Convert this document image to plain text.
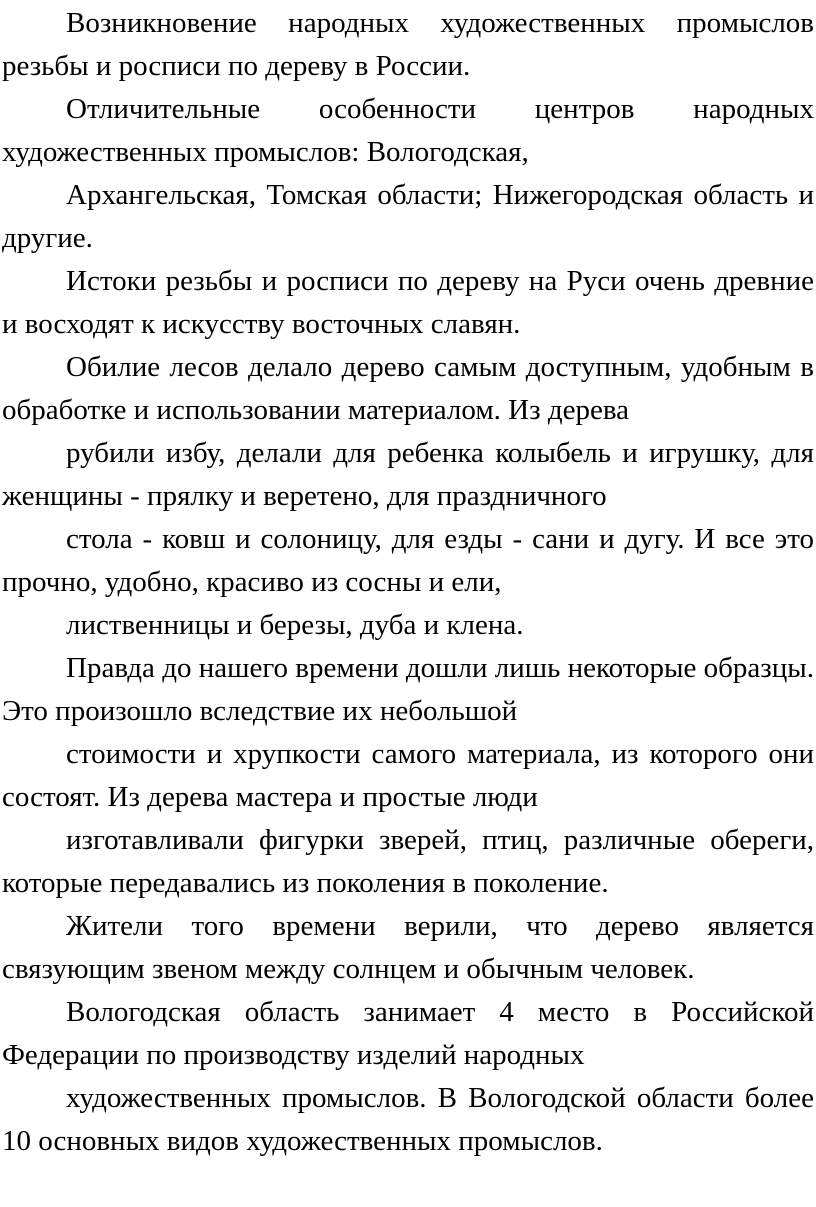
Возникновение народных художественных промыслов резьбы и росписи по дереву в России.

Отличительные особенности центров народных художественных промыслов: Вологодская,

Архангельская, Томская области; Нижегородская область и другие.

Истоки резьбы и росписи по дереву на Руси очень древние и восходят к искусству восточных славян.

Обилие лесов делало дерево самым доступным, удобным в обработке и использовании материалом. Из дерева

рубили избу, делали для ребенка колыбель и игрушку, для женщины - прялку и веретено, для праздничного

стола - ковш и солоницу, для езды - сани и дугу. И все это прочно, удобно, красиво из сосны и ели,

лиственницы и березы, дуба и клена.

Правда до нашего времени дошли лишь некоторые образцы. Это произошло вследствие их небольшой

стоимости и хрупкости самого материала, из которого они состоят. Из дерева мастера и простые люди

изготавливали фигурки зверей, птиц, различные обереги, которые передавались из поколения в поколение.

Жители того времени верили, что дерево является связующим звеном между солнцем и обычным человек.

Вологодская область занимает 4 место в Российской Федерации по производству изделий народных

художественных промыслов. В Вологодской области более 10 основных видов художественных промыслов.
